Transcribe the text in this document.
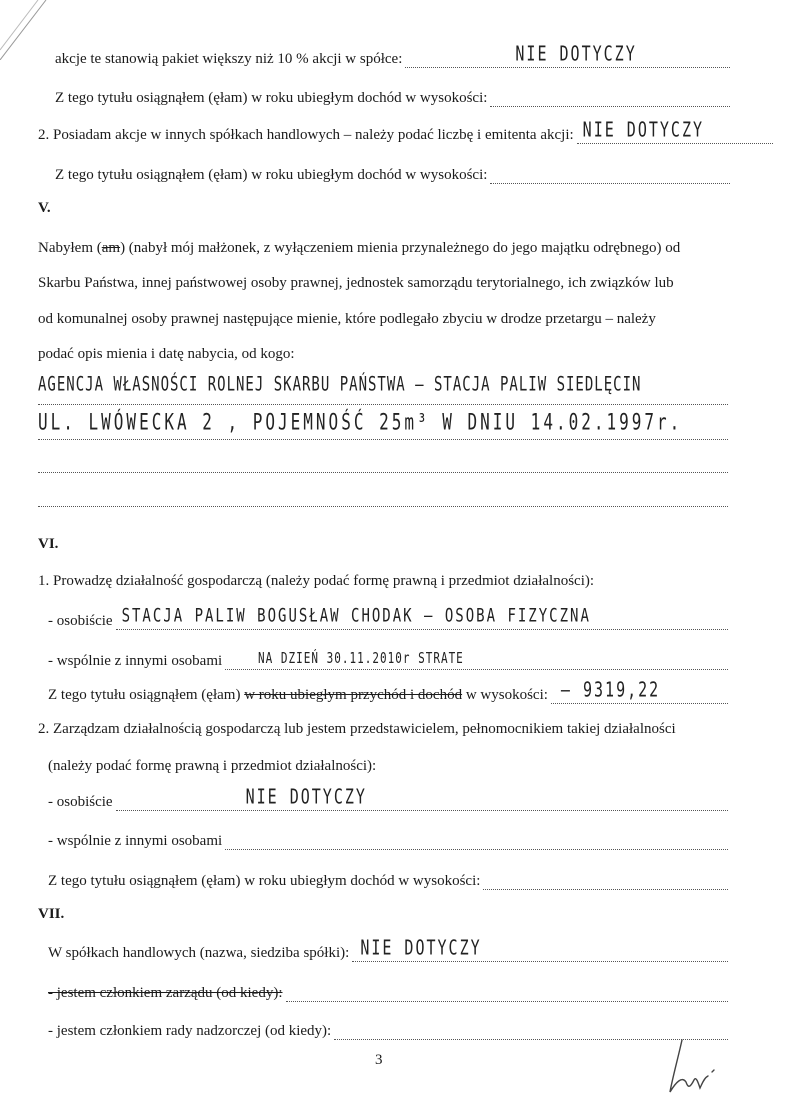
akcje te stanowią pakiet większy niż 10 % akcji w spółce:	NIE DOTYCZY
Z tego tytułu osiągnąłem (ęłam) w roku ubiegłym dochód w wysokości:
2. Posiadam akcje w innych spółkach handlowych – należy podać liczbę i emitenta akcji: NIE DOTYCZY
Z tego tytułu osiągnąłem (ęłam) w roku ubiegłym dochód w wysokości:
V.
Nabyłem (am) (nabył mój małżonek, z wyłączeniem mienia przynależnego do jego majątku odrębnego) od
Skarbu Państwa, innej państwowej osoby prawnej, jednostek samorządu terytorialnego, ich związków lub
od komunalnej osoby prawnej następujące mienie, które podlegało zbyciu w drodze przetargu – należy
podać opis mienia i datę nabycia, od kogo:
AGENCJA WŁASNOŚCI ROLNEJ SKARBU PAŃSTWA – STACJA PALIW SIEDLĘCIN
UL. LWÓWECKA 2 , POJEMNOŚĆ 25m³ W DNIU 14.02.1997r.
VI.
1. Prowadzę działalność gospodarczą (należy podać formę prawną i przedmiot działalności):
- osobiście STACJA PALIW BOGUSŁAW CHODAK – OSOBA FIZYCZNA
- wspólnie z innymi osobami	NA DZIEŃ 30.11.2010r STRATE
Z tego tytułu osiągnąłem (ęłam)
w roku ubiegłym przychód i dochód
w wysokości: – 9319,22
2. Zarządzam działalnością gospodarczą lub jestem przedstawicielem, pełnomocnikiem takiej działalności
(należy podać formę prawną i przedmiot działalności):
- osobiście	NIE DOTYCZY
- wspólnie z innymi osobami
Z tego tytułu osiągnąłem (ęłam) w roku ubiegłym dochód w wysokości:
VII.
W spółkach handlowych (nazwa, siedziba spółki): NIE DOTYCZY
- jestem członkiem zarządu (od kiedy):
- jestem członkiem rady nadzorczej (od kiedy):
3
